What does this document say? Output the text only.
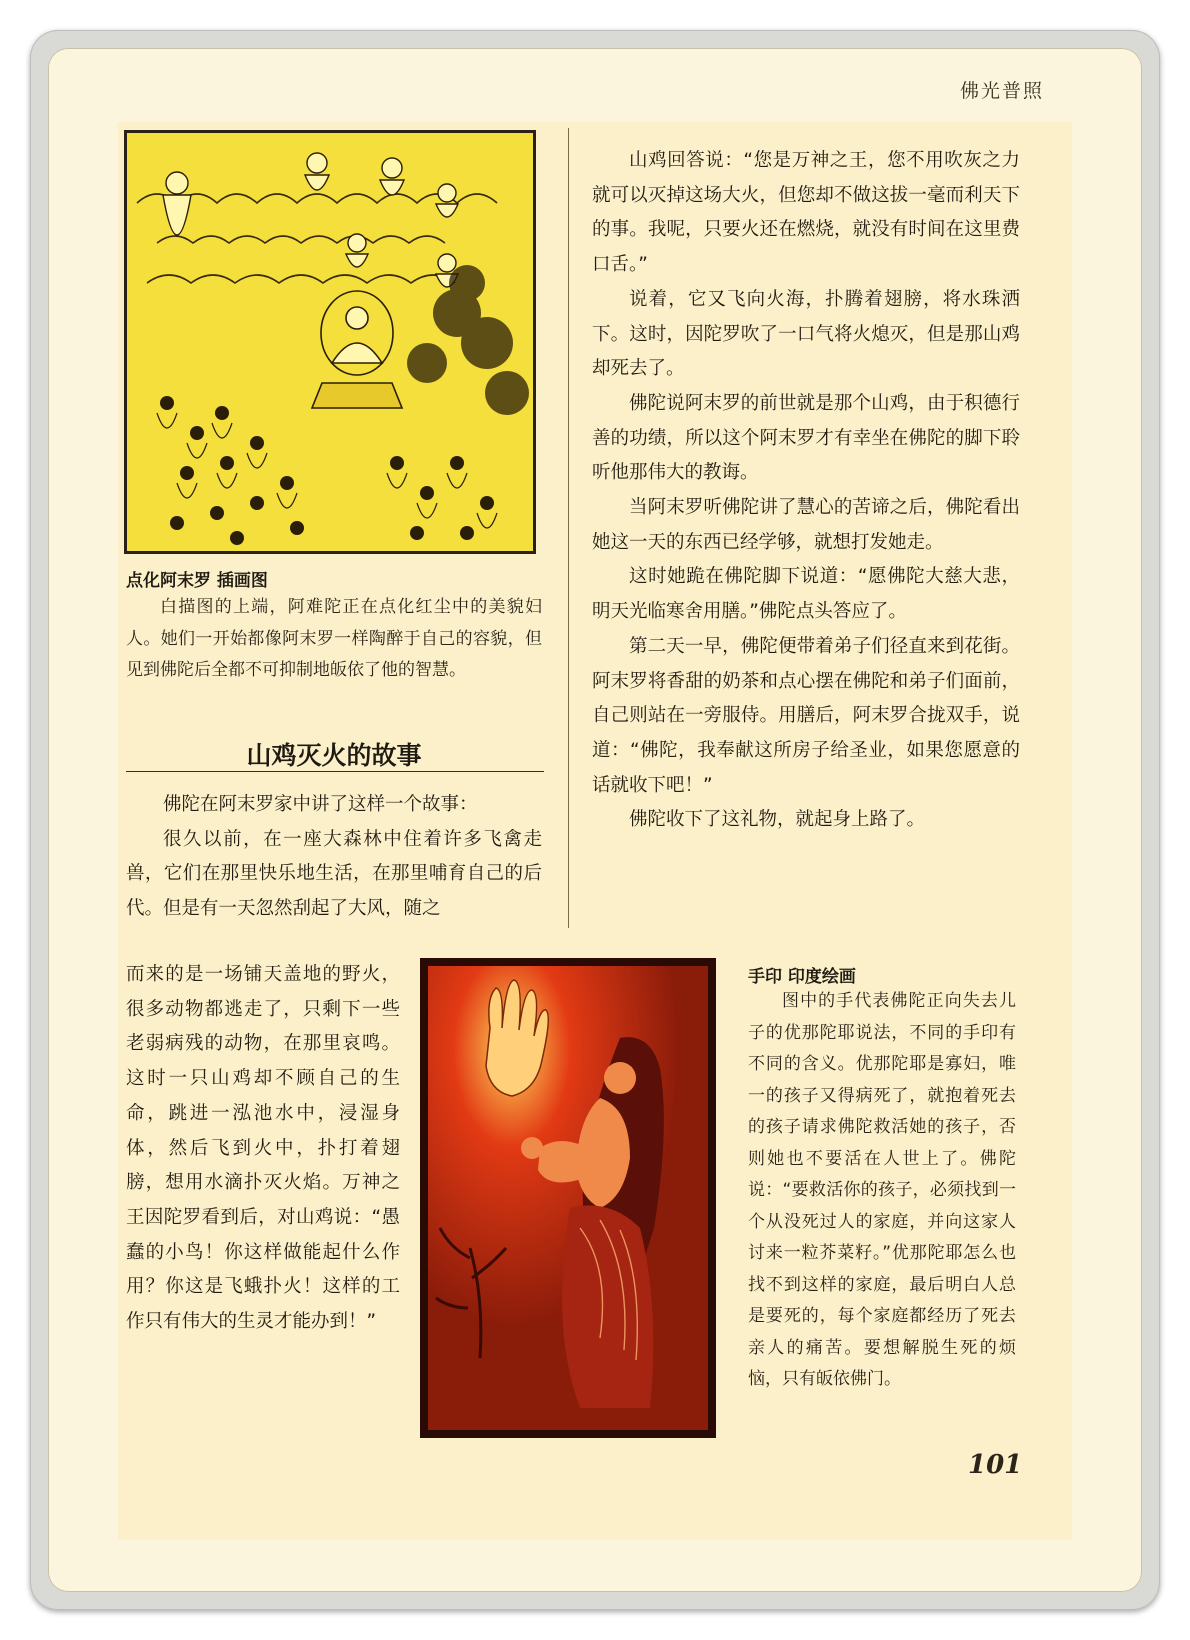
佛光普照
点化阿末罗 插画图
白描图的上端，阿难陀正在点化红尘中的美貌妇人。她们一开始都像阿末罗一样陶醉于自己的容貌，但见到佛陀后全都不可抑制地皈依了他的智慧。
山鸡灭火的故事

佛陀在阿末罗家中讲了这样一个故事：

很久以前，在一座大森林中住着许多飞禽走兽，它们在那里快乐地生活，在那里哺育自己的后代。但是有一天忽然刮起了大风，随之

而来的是一场铺天盖地的野火，很多动物都逃走了，只剩下一些老弱病残的动物，在那里哀鸣。这时一只山鸡却不顾自己的生命，跳进一泓池水中，浸湿身体，然后飞到火中，扑打着翅膀，想用水滴扑灭火焰。万神之王因陀罗看到后，对山鸡说：“愚蠢的小鸟！你这样做能起什么作用？你这是飞蛾扑火！这样的工作只有伟大的生灵才能办到！”

山鸡回答说：“您是万神之王，您不用吹灰之力就可以灭掉这场大火，但您却不做这拔一毫而利天下的事。我呢，只要火还在燃烧，就没有时间在这里费口舌。”

说着，它又飞向火海，扑腾着翅膀，将水珠洒下。这时，因陀罗吹了一口气将火熄灭，但是那山鸡却死去了。

佛陀说阿末罗的前世就是那个山鸡，由于积德行善的功绩，所以这个阿末罗才有幸坐在佛陀的脚下聆听他那伟大的教诲。

当阿末罗听佛陀讲了慧心的苦谛之后，佛陀看出她这一天的东西已经学够，就想打发她走。

这时她跪在佛陀脚下说道：“愿佛陀大慈大悲，明天光临寒舍用膳。”佛陀点头答应了。

第二天一早，佛陀便带着弟子们径直来到花街。阿末罗将香甜的奶茶和点心摆在佛陀和弟子们面前，自己则站在一旁服侍。用膳后，阿末罗合拢双手，说道：“佛陀，我奉献这所房子给圣业，如果您愿意的话就收下吧！”

佛陀收下了这礼物，就起身上路了。

手印 印度绘画
图中的手代表佛陀正向失去儿子的优那陀耶说法，不同的手印有不同的含义。优那陀耶是寡妇，唯一的孩子又得病死了，就抱着死去的孩子请求佛陀救活她的孩子，否则她也不要活在人世上了。佛陀说：“要救活你的孩子，必须找到一个从没死过人的家庭，并向这家人讨来一粒芥菜籽。”优那陀耶怎么也找不到这样的家庭，最后明白人总是要死的，每个家庭都经历了死去亲人的痛苦。要想解脱生死的烦恼，只有皈依佛门。
101
